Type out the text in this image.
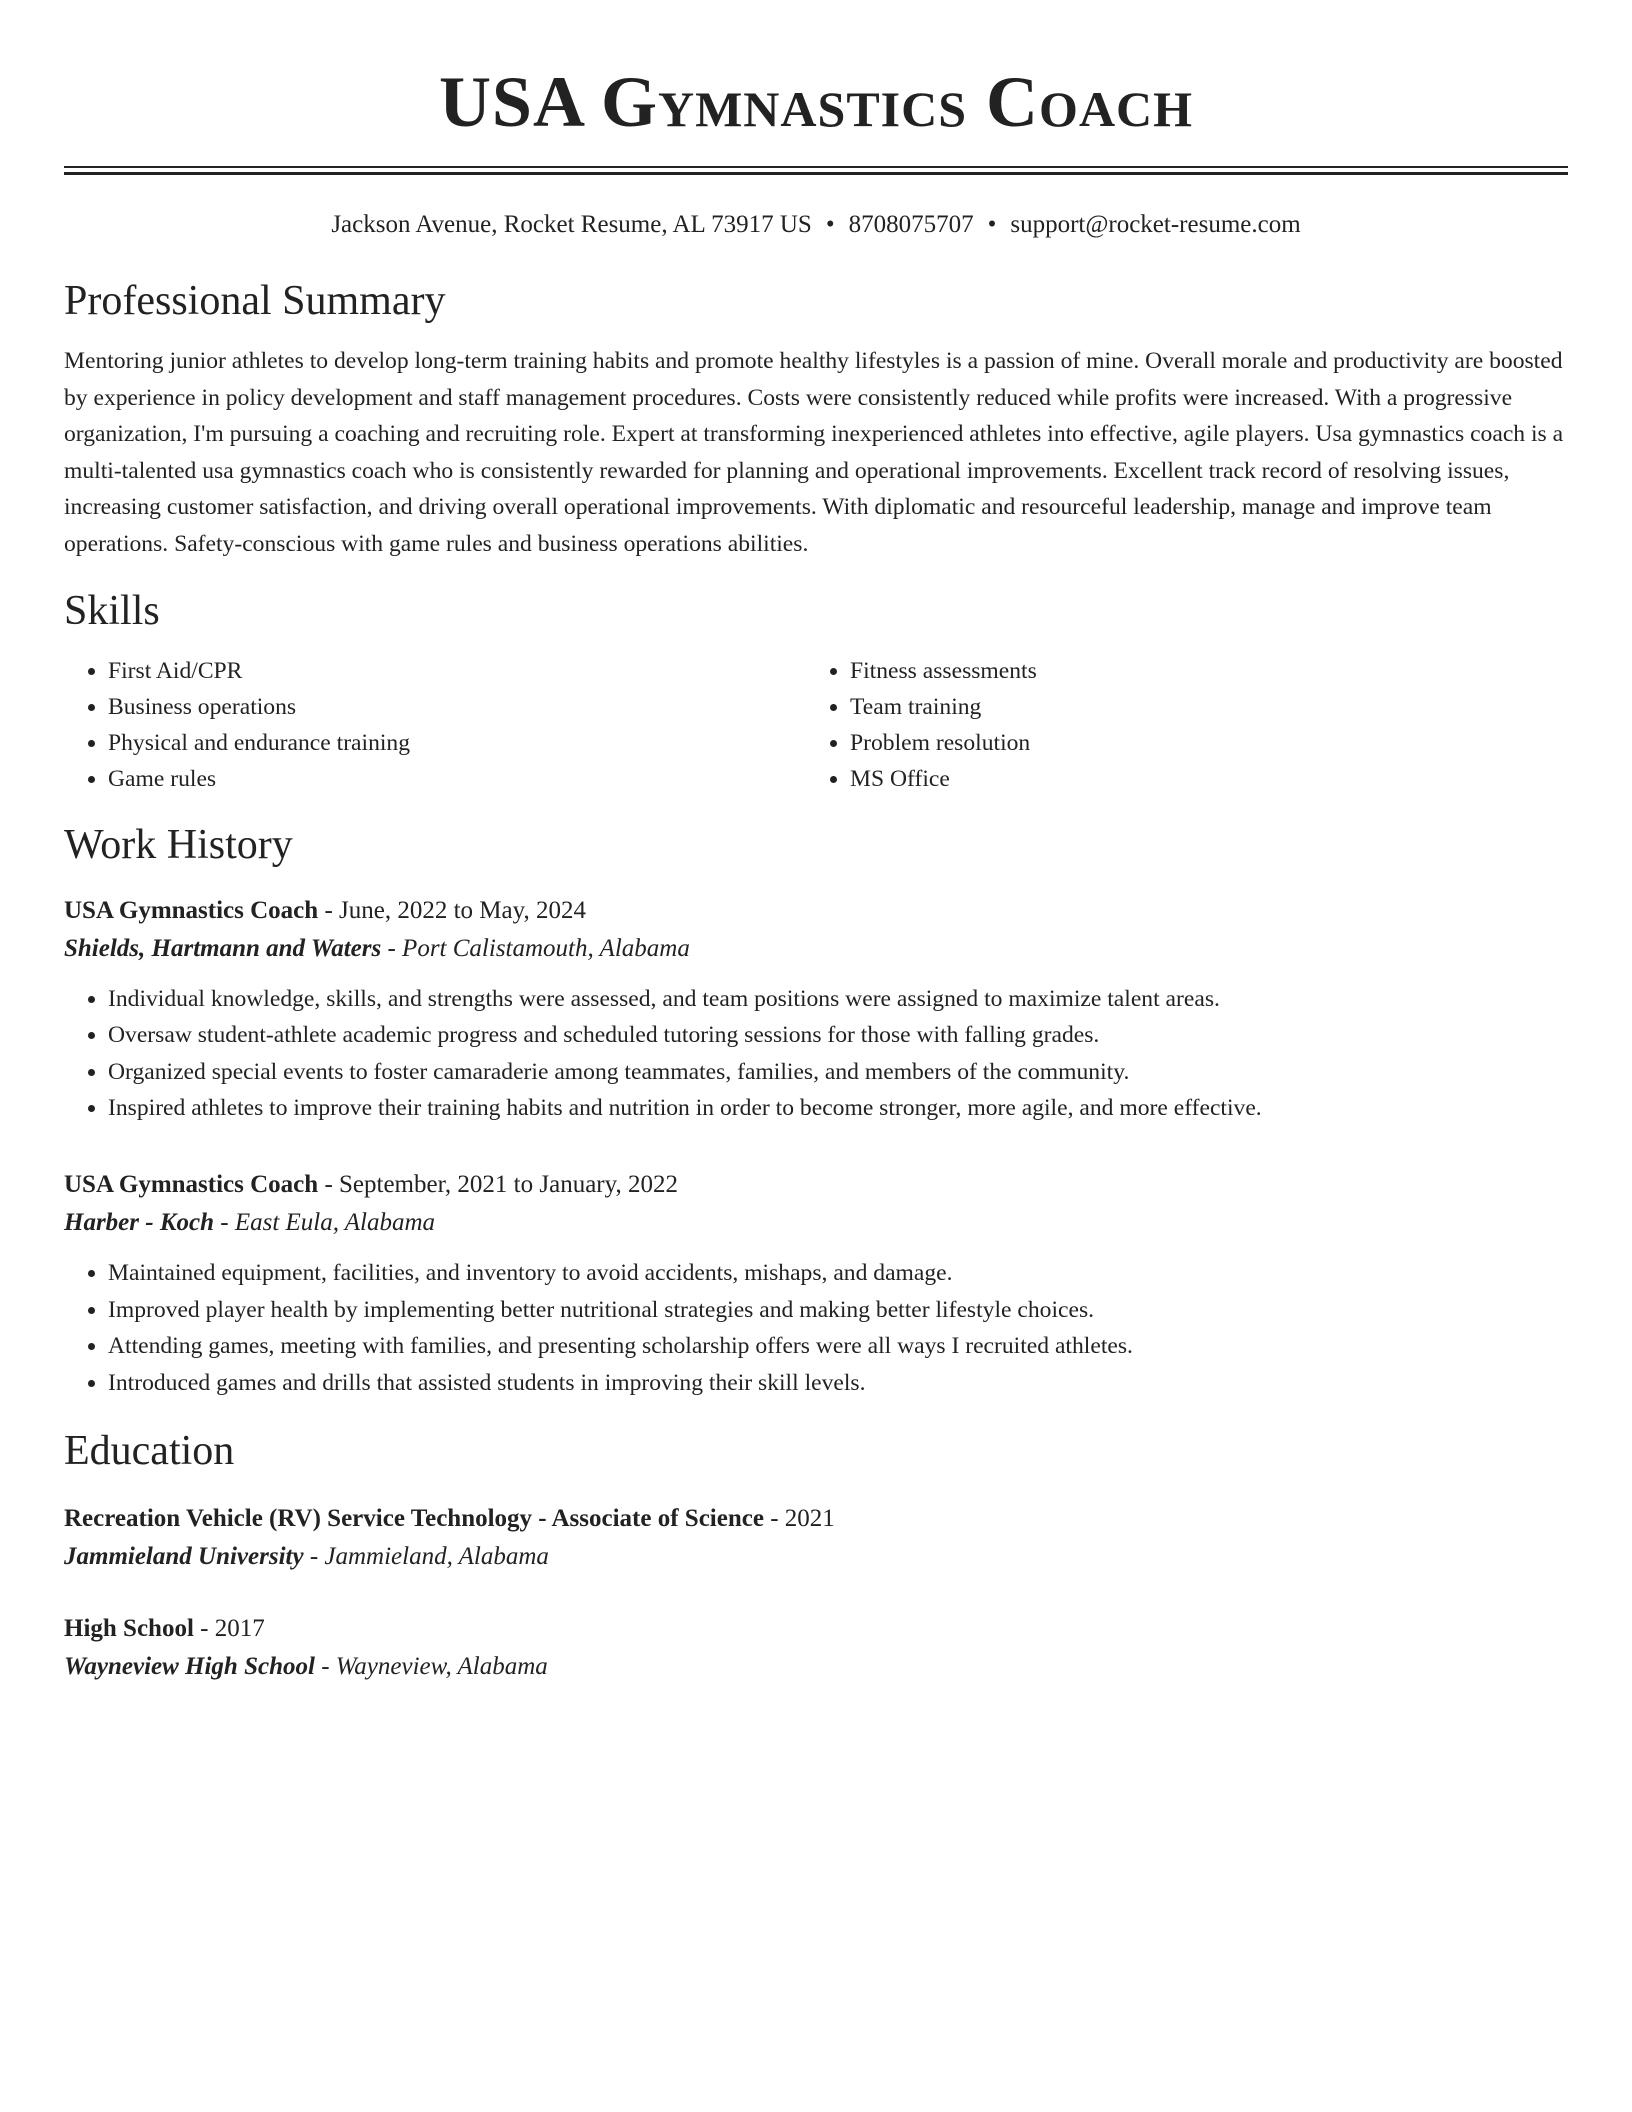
USA Gymnastics Coach
Jackson Avenue, Rocket Resume, AL 73917 US • 8708075707 • support@rocket-resume.com
Professional Summary
Mentoring junior athletes to develop long-term training habits and promote healthy lifestyles is a passion of mine. Overall morale and productivity are boosted by experience in policy development and staff management procedures. Costs were consistently reduced while profits were increased. With a progressive organization, I'm pursuing a coaching and recruiting role. Expert at transforming inexperienced athletes into effective, agile players. Usa gymnastics coach is a multi-talented usa gymnastics coach who is consistently rewarded for planning and operational improvements. Excellent track record of resolving issues, increasing customer satisfaction, and driving overall operational improvements. With diplomatic and resourceful leadership, manage and improve team operations. Safety-conscious with game rules and business operations abilities.
Skills
• First Aid/CPR
• Business operations
• Physical and endurance training
• Game rules
• Fitness assessments
• Team training
• Problem resolution
• MS Office
Work History
USA Gymnastics Coach - June, 2022 to May, 2024
Shields, Hartmann and Waters - Port Calistamouth, Alabama
• Individual knowledge, skills, and strengths were assessed, and team positions were assigned to maximize talent areas.
• Oversaw student-athlete academic progress and scheduled tutoring sessions for those with falling grades.
• Organized special events to foster camaraderie among teammates, families, and members of the community.
• Inspired athletes to improve their training habits and nutrition in order to become stronger, more agile, and more effective.
USA Gymnastics Coach - September, 2021 to January, 2022
Harber - Koch - East Eula, Alabama
• Maintained equipment, facilities, and inventory to avoid accidents, mishaps, and damage.
• Improved player health by implementing better nutritional strategies and making better lifestyle choices.
• Attending games, meeting with families, and presenting scholarship offers were all ways I recruited athletes.
• Introduced games and drills that assisted students in improving their skill levels.
Education
Recreation Vehicle (RV) Service Technology - Associate of Science - 2021
Jammieland University - Jammieland, Alabama
High School - 2017
Wayneview High School - Wayneview, Alabama
